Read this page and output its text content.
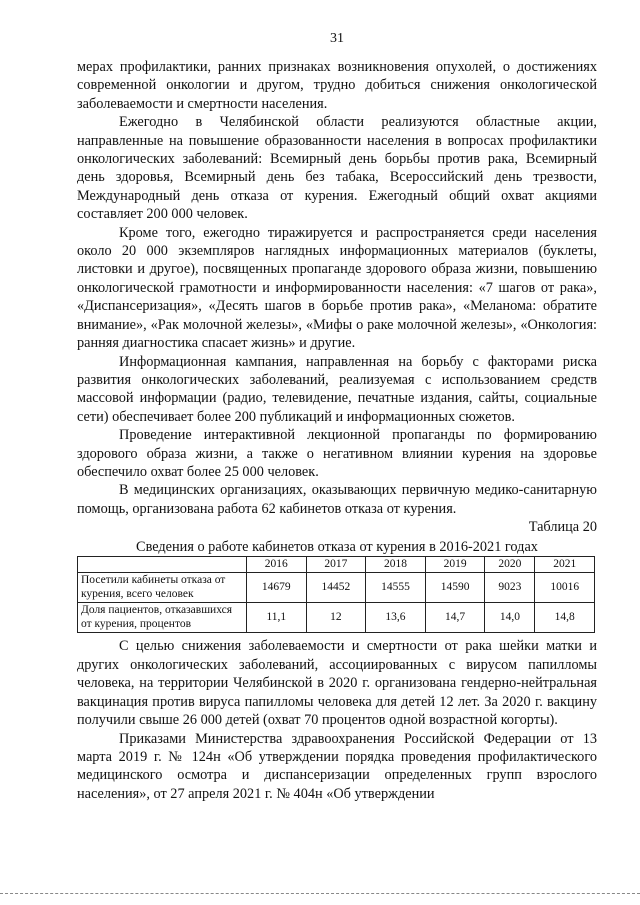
31

мерах профилактики, ранних признаках возникновения опухолей, о достижениях современной онкологии и другом, трудно добиться снижения онкологической заболеваемости и смертности населения.

Ежегодно в Челябинской области реализуются областные акции, направленные на повышение образованности населения в вопросах профилактики онкологических заболеваний: Всемирный день борьбы против рака, Всемирный день здоровья, Всемирный день без табака, Всероссийский день трезвости, Международный день отказа от курения. Ежегодный общий охват акциями составляет 200 000 человек.

Кроме того, ежегодно тиражируется и распространяется среди населения около 20 000 экземпляров наглядных информационных материалов (буклеты, листовки и другое), посвященных пропаганде здорового образа жизни, повышению онкологической грамотности и информированности населения: «7 шагов от рака», «Диспансеризация», «Десять шагов в борьбе против рака», «Меланома: обратите внимание», «Рак молочной железы», «Мифы о раке молочной железы», «Онкология: ранняя диагностика спасает жизнь» и другие.

Информационная кампания, направленная на борьбу с факторами риска развития онкологических заболеваний, реализуемая с использованием средств массовой информации (радио, телевидение, печатные издания, сайты, социальные сети) обеспечивает более 200 публикаций и информационных сюжетов.

Проведение интерактивной лекционной пропаганды по формированию здорового образа жизни, а также о негативном влиянии курения на здоровье обеспечило охват более 25 000 человек.

В медицинских организациях, оказывающих первичную медико-санитарную помощь, организована работа 62 кабинетов отказа от курения.

Таблица 20
Сведения о работе кабинетов отказа от курения в 2016-2021 годах
	2016	2017	2018	2019	2020	2021
Посетили кабинеты отказа от курения, всего человек	14679	14452	14555	14590	9023	10016
Доля пациентов, отказавшихся от курения, процентов	11,1	12	13,6	14,7	14,0	14,8

С целью снижения заболеваемости и смертности от рака шейки матки и других онкологических заболеваний, ассоциированных с вирусом папилломы человека, на территории Челябинской в 2020 г. организована гендерно-нейтральная вакцинация против вируса папилломы человека для детей 12 лет. За 2020 г. вакцину получили свыше 26 000 детей (охват 70 процентов одной возрастной когорты).

Приказами Министерства здравоохранения Российской Федерации от 13 марта 2019 г. № 124н «Об утверждении порядка проведения профилактического медицинского осмотра и диспансеризации определенных групп взрослого населения», от 27 апреля 2021 г. № 404н «Об утверждении
